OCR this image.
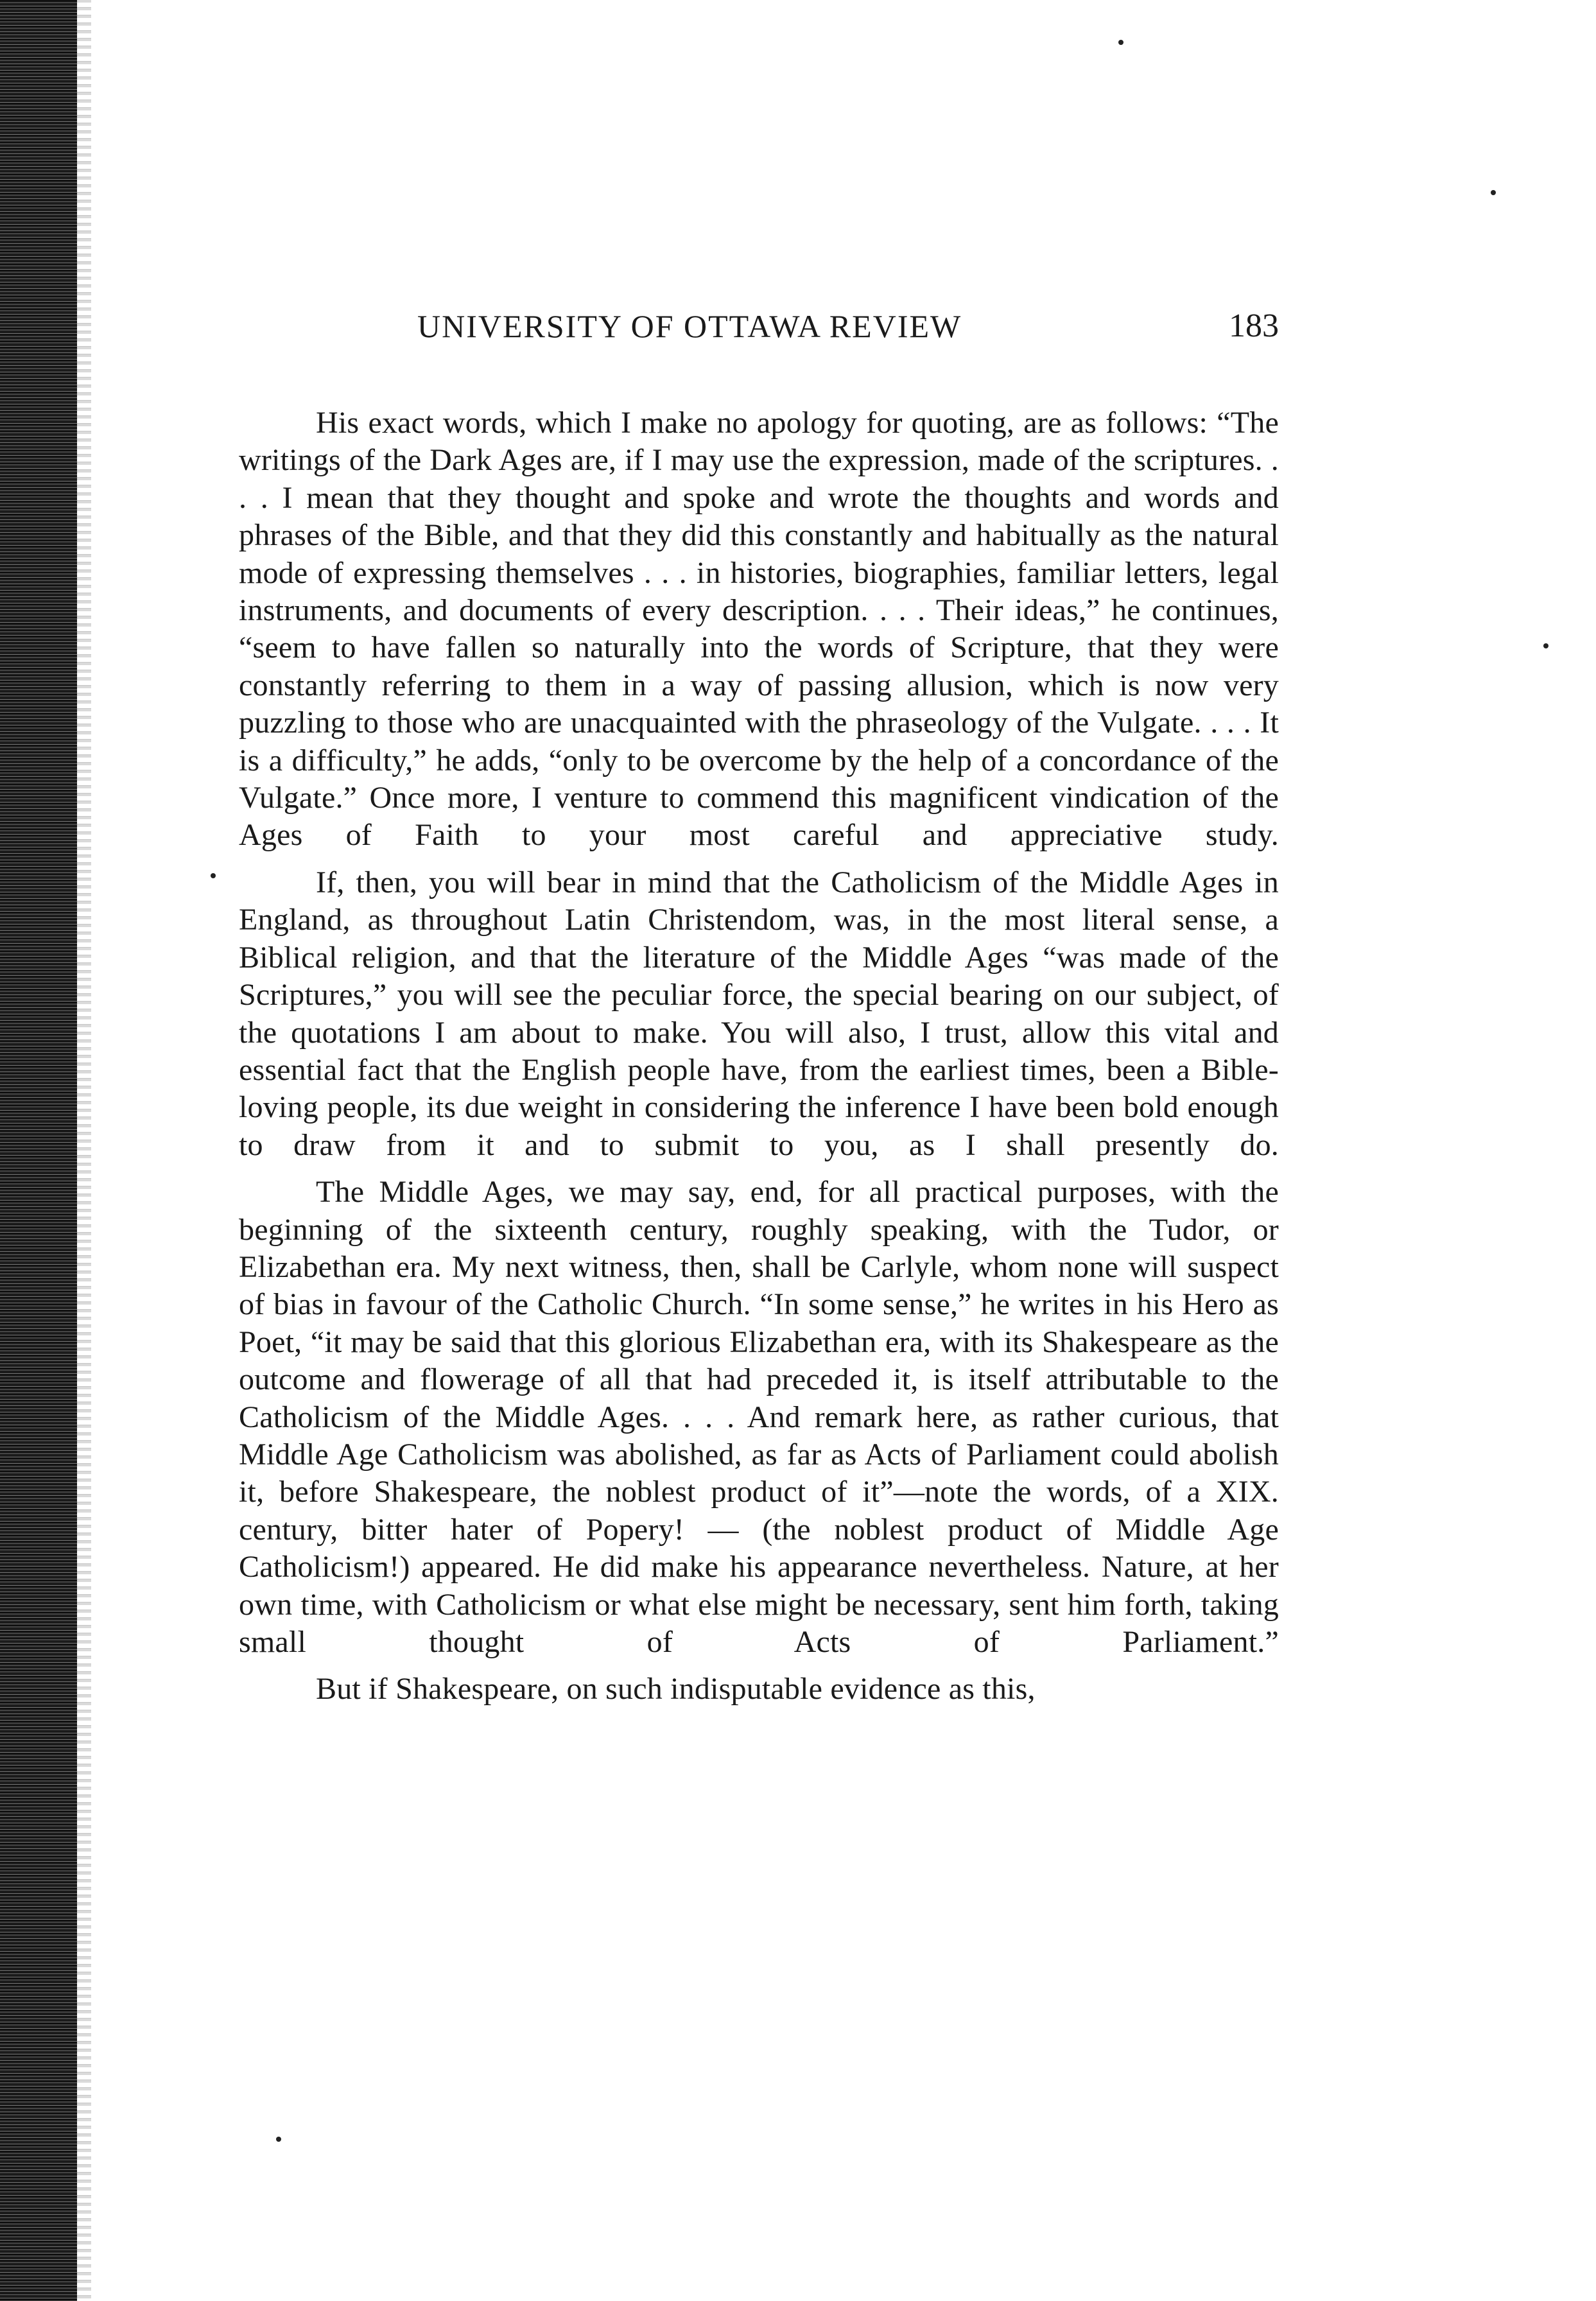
UNIVERSITY OF OTTAWA REVIEW	183

His exact words, which I make no apology for quoting, are as follows: “The writings of the Dark Ages are, if I may use the expression, made of the scriptures. . . . I mean that they thought and spoke and wrote the thoughts and words and phrases of the Bible, and that they did this constantly and habitually as the natural mode of expressing themselves . . . in histories, biographies, familiar letters, legal instruments, and documents of every description. . . . Their ideas,” he continues, “seem to have fallen so naturally into the words of Scripture, that they were constantly referring to them in a way of passing allusion, which is now very puzzling to those who are unacquainted with the phraseology of the Vulgate. . . . It is a difficulty,” he adds, “only to be overcome by the help of a concordance of the Vulgate.” Once more, I venture to commend this magnificent vindication of the Ages of Faith to your most careful and appreciative study.

If, then, you will bear in mind that the Catholicism of the Middle Ages in England, as throughout Latin Christendom, was, in the most literal sense, a Biblical religion, and that the literature of the Middle Ages “was made of the Scriptures,” you will see the peculiar force, the special bearing on our subject, of the quotations I am about to make. You will also, I trust, allow this vital and essential fact that the English people have, from the earliest times, been a Bible-loving people, its due weight in considering the inference I have been bold enough to draw from it and to submit to you, as I shall presently do.

The Middle Ages, we may say, end, for all practical purposes, with the beginning of the sixteenth century, roughly speaking, with the Tudor, or Elizabethan era. My next witness, then, shall be Carlyle, whom none will suspect of bias in favour of the Catholic Church. “In some sense,” he writes in his Hero as Poet, “it may be said that this glorious Elizabethan era, with its Shakespeare as the outcome and flowerage of all that had preceded it, is itself attributable to the Catholicism of the Middle Ages. . . . And remark here, as rather curious, that Middle Age Catholicism was abolished, as far as Acts of Parliament could abolish it, before Shakespeare, the noblest product of it”—note the words, of a XIX. century, bitter hater of Popery! — (the noblest product of Middle Age Catholicism!) appeared. He did make his appearance nevertheless. Nature, at her own time, with Catholicism or what else might be necessary, sent him forth, taking small thought of Acts of Parliament.”

But if Shakespeare, on such indisputable evidence as this,
